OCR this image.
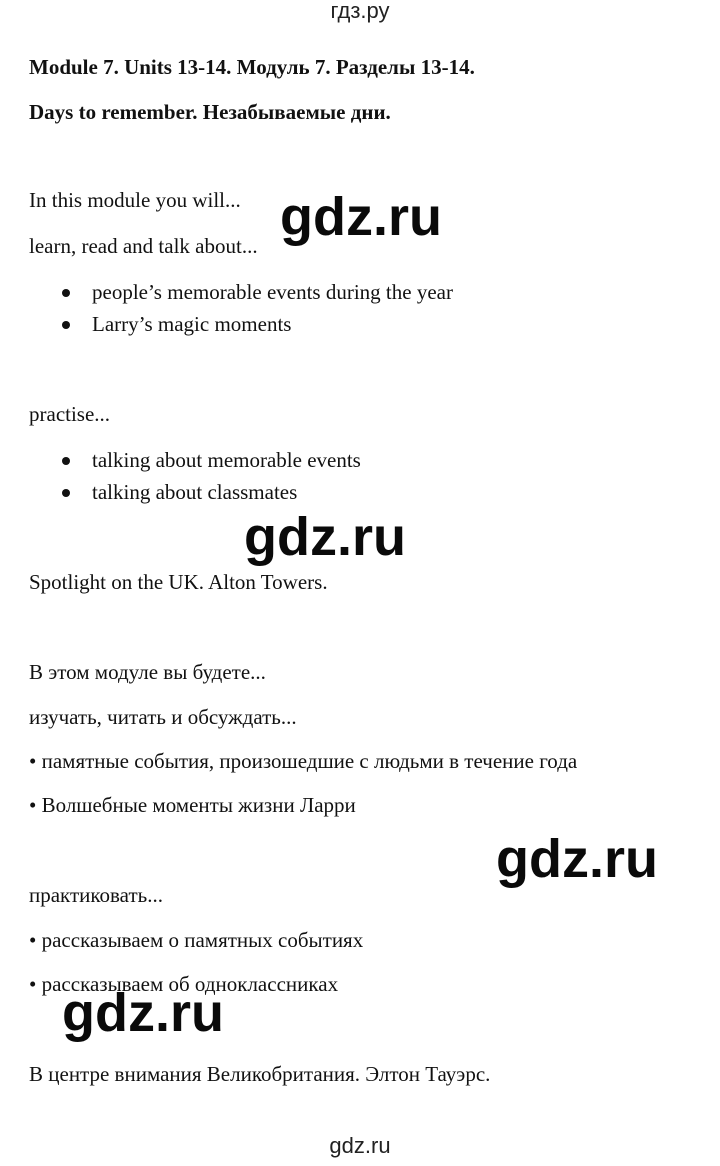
гдз.ру
Module 7. Units 13-14. Модуль 7. Разделы 13-14.
Days to remember. Незабываемые дни.
In this module you will...
learn, read and talk about...
people’s memorable events during the year
Larry’s magic moments
practise...
talking about memorable events
talking about classmates
Spotlight on the UK. Alton Towers.
В этом модуле вы будете...
изучать, читать и обсуждать...
• памятные события, произошедшие с людьми в течение года
• Волшебные моменты жизни Ларри
практиковать...
• рассказываем о памятных событиях
• рассказываем об одноклассниках
В центре внимания Великобритания. Элтон Тауэрс.
gdz.ru
gdz.ru
gdz.ru
gdz.ru
gdz.ru
